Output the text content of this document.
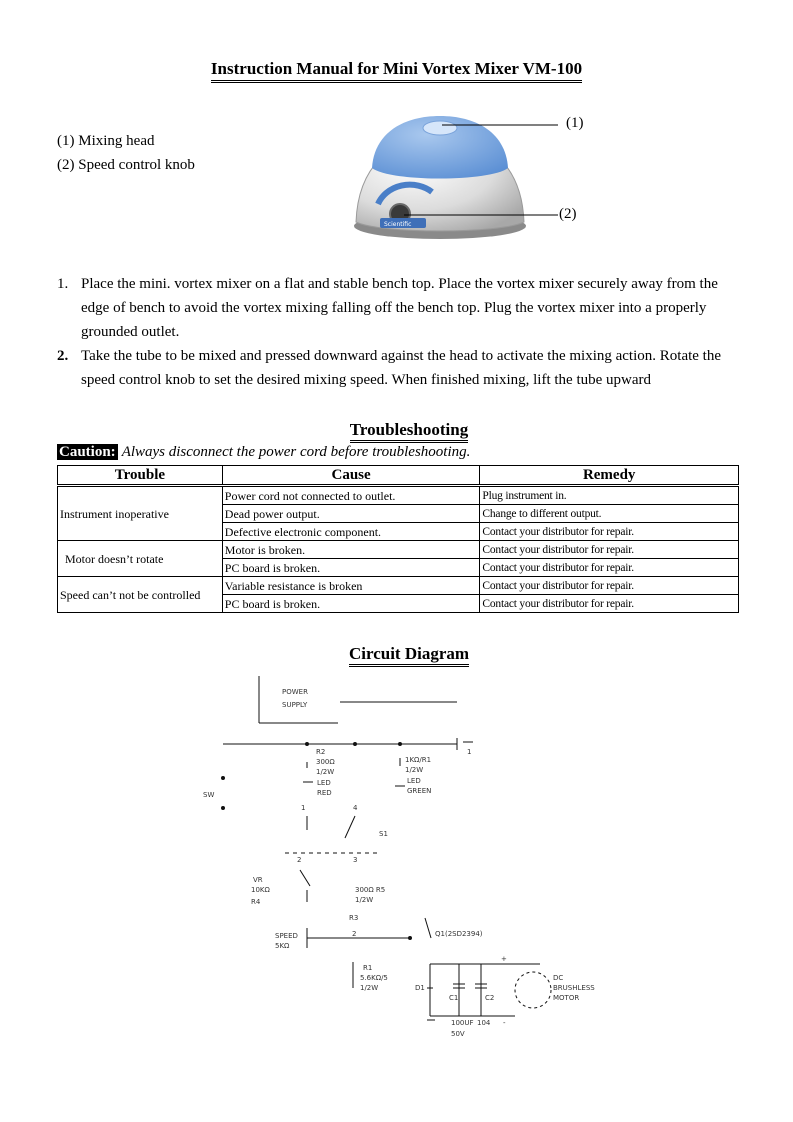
Instruction Manual for Mini Vortex Mixer VM-100
(1) Mixing head
(2) Speed control knob
Scientific
(1)
(2)
1. Place the mini. vortex mixer on a flat and stable bench top. Place the vortex mixer securely away from the edge of bench to avoid the vortex mixing falling off the bench top. Plug the vortex mixer into a properly grounded outlet.
2. Take the tube to be mixed and pressed downward against the head to activate the mixing action. Rotate the speed control knob to set the desired mixing speed. When finished mixing, lift the tube upward
Troubleshooting
Caution: Always disconnect the power cord before troubleshooting.
Trouble	Cause	Remedy
Instrument inoperative	Power cord not connected to outlet.	Plug instrument in.
	Dead power output.	Change to different output.
	Defective electronic component.	Contact your distributor for repair.
Motor doesn’t rotate	Motor is broken.	Contact your distributor for repair.
	PC board is broken.	Contact your distributor for repair.
Speed can’t not be controlled	Variable resistance is broken	Contact your distributor for repair.
	PC board is broken.	Contact your distributor for repair.
Circuit Diagram
POWER
SUPPLY
1
R2
300Ω
1/2W
LED
RED
1KΩ/R1
1/2W
LED
GREEN
SW
1	4
S1
2	3
VR
10KΩ
R4
300Ω R5
1/2W
R3
SPEED
5KΩ
2	Q1(2SD2394)
R1
5.6KΩ/5
1/2W
+
D1
C1	C2
-
100UF 104
50V
DC
BRUSHLESS
MOTOR
